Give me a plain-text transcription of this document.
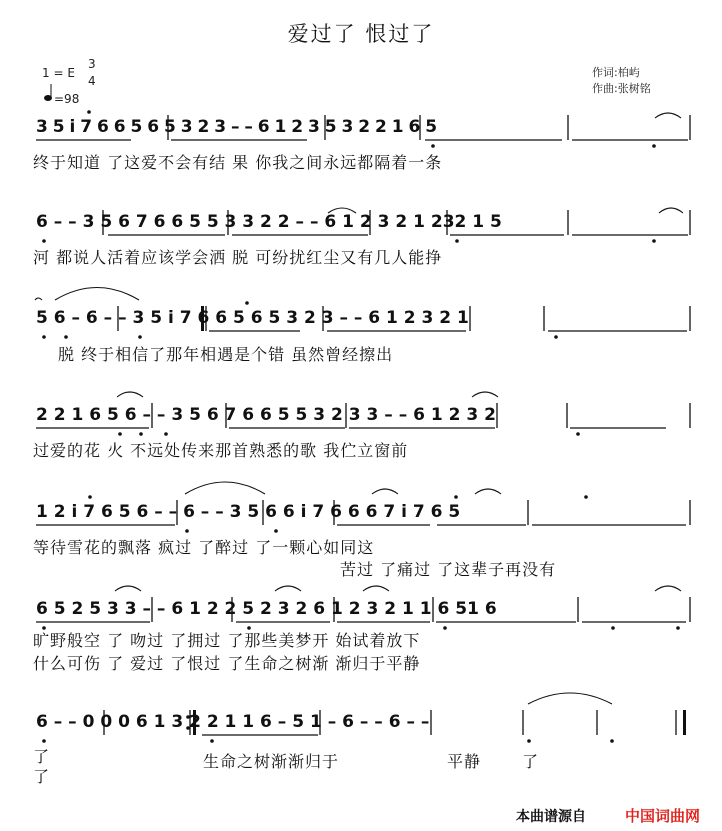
爱过了 恨过了
作词:柏屿
作曲:张树铭
1 = E
3
4
=98
3 5 i 7 6 6 5 6 5 3 2 3 – – 6 1 2 3 5 3 2 2 1 6 5
终于知道 了这爱不会有结 果 你我之间永远都隔着一条
6 – – 3 5 6 7 6 6 5 5 3 3 2 2 – – 6 1 2 3 2 1 232 1 5
河 都说人活着应该学会洒 脱 可纷扰红尘又有几人能挣
5 6 – 6 – – 3 5 i 7 6 6 5 6 5 3 2 3 – – 6 1 2 3 2 1
脱 终于相信了那年相遇是个错 虽然曾经擦出
2 2 1 6 5 6 – – 3 5 6 7 6 6 5 5 3 2 3 3 – – 6 1 2 3 2
过爱的花 火 不远处传来那首熟悉的歌 我伫立窗前
1 2 i 7 6 5 6 – – 6 – – 3 5 6 6 i 7 6 6 6 7 i 7 6 5
等待雪花的飘落 疯过 了醉过 了一颗心如同这
苦过 了痛过 了这辈子再没有
6 5 2 5 3 3 – – 6 1 2 2 5 2 3 2 6 1 2 3 2 1 1 6 51 6
旷野般空 了 吻过 了拥过 了那些美梦开 始试着放下
什么可伤 了 爱过 了恨过 了生命之树渐 渐归于平静
6 – – 0 0 0 6 1 3 2 2 1 1 6 – 5 1 – 6 – – 6 – –
了
了
生命之树渐渐归于	平静	了
本曲谱源自	中国词曲网
